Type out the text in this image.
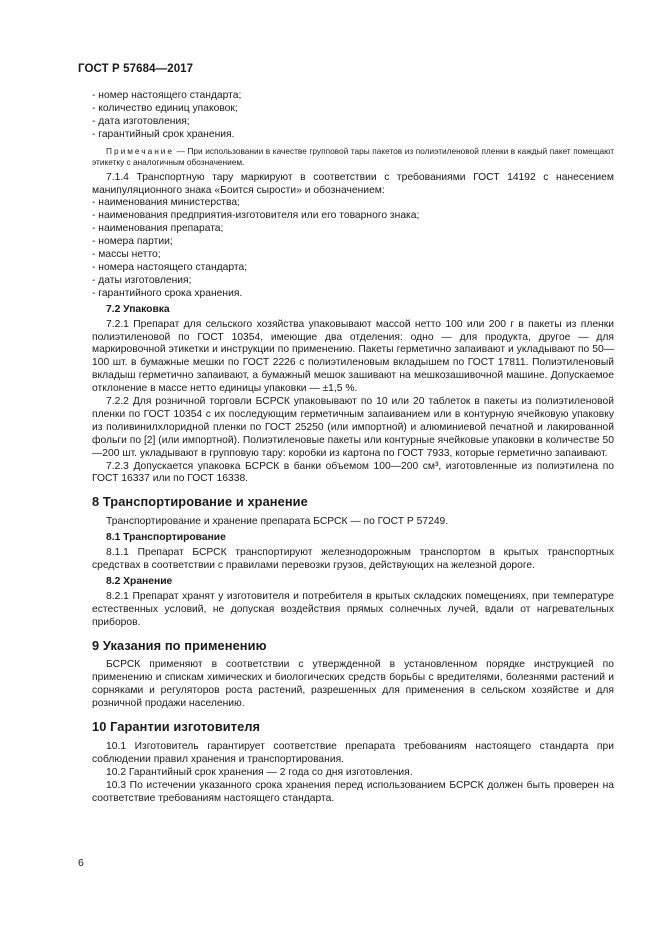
ГОСТ Р 57684—2017
- номер настоящего стандарта;
- количество единиц упаковок;
- дата изготовления;
- гарантийный срок хранения.

Примечание — При использовании в качестве групповой тары пакетов из полиэтиленовой пленки в каждый пакет помещают этикетку с аналогичным обозначением.

7.1.4 Транспортную тару маркируют в соответствии с требованиями ГОСТ 14192 с нанесением манипуляционного знака «Боится сырости» и обозначением:

- наименования министерства;
- наименования предприятия-изготовителя или его товарного знака;
- наименования препарата;
- номера партии;
- массы нетто;
- номера настоящего стандарта;
- даты изготовления;
- гарантийного срока хранения.
7.2 Упаковка

7.2.1 Препарат для сельского хозяйства упаковывают массой нетто 100 или 200 г в пакеты из пленки полиэтиленовой по ГОСТ 10354, имеющие два отделения: одно — для продукта, другое — для маркировочной этикетки и инструкции по применению. Пакеты герметично запаивают и укладывают по 50—100 шт. в бумажные мешки по ГОСТ 2226 с полиэтиленовым вкладышем по ГОСТ 17811. Полиэтиленовый вкладыш герметично запаивают, а бумажный мешок зашивают на мешкозашивочной машине. Допускаемое отклонение в массе нетто единицы упаковки — ±1,5 %.

7.2.2 Для розничной торговли БСРСК упаковывают по 10 или 20 таблеток в пакеты из полиэтиленовой пленки по ГОСТ 10354 с их последующим герметичным запаиванием или в контурную ячейковую упаковку из поливинилхлоридной пленки по ГОСТ 25250 (или импортной) и алюминиевой печатной и лакированной фольги по [2] (или импортной). Полиэтиленовые пакеты или контурные ячейковые упаковки в количестве 50—200 шт. укладывают в групповую тару: коробки из картона по ГОСТ 7933, которые герметично запаивают.

7.2.3 Допускается упаковка БСРСК в банки объемом 100—200 см³, изготовленные из полиэтилена по ГОСТ 16337 или по ГОСТ 16338.

8 Транспортирование и хранение

Транспортирование и хранение препарата БСРСК — по ГОСТ Р 57249.

8.1 Транспортирование

8.1.1 Препарат БСРСК транспортируют железнодорожным транспортом в крытых транспортных средствах в соответствии с правилами перевозки грузов, действующих на железной дороге.

8.2 Хранение

8.2.1 Препарат хранят у изготовителя и потребителя в крытых складских помещениях, при температуре естественных условий, не допуская воздействия прямых солнечных лучей, вдали от нагревательных приборов.

9 Указания по применению

БСРСК применяют в соответствии с утвержденной в установленном порядке инструкцией по применению и спискам химических и биологических средств борьбы с вредителями, болезнями растений и сорняками и регуляторов роста растений, разрешенных для применения в сельском хозяйстве и для розничной продажи населению.

10 Гарантии изготовителя

10.1 Изготовитель гарантирует соответствие препарата требованиям настоящего стандарта при соблюдении правил хранения и транспортирования.

10.2 Гарантийный срок хранения — 2 года со дня изготовления.

10.3 По истечении указанного срока хранения перед использованием БСРСК должен быть проверен на соответствие требованиям настоящего стандарта.

6
